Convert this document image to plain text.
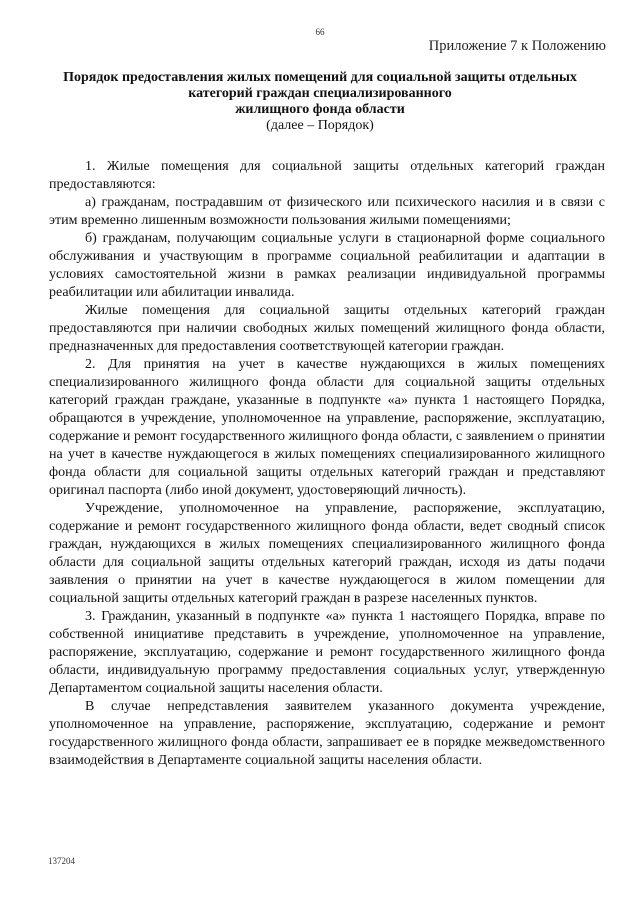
66
Приложение 7 к Положению
Порядок предоставления жилых помещений для социальной защиты отдельных
категорий граждан специализированного
жилищного фонда области
(далее – Порядок)

1. Жилые помещения для социальной защиты отдельных категорий граждан предоставляются:

а) гражданам, пострадавшим от физического или психического насилия и в связи с этим временно лишенным возможности пользования жилыми помещениями;

б) гражданам, получающим социальные услуги в стационарной форме социального обслуживания и участвующим в программе социальной реабилитации и адаптации в условиях самостоятельной жизни в рамках реализации индивидуальной программы реабилитации или абилитации инвалида.

Жилые помещения для социальной защиты отдельных категорий граждан предоставляются при наличии свободных жилых помещений жилищного фонда области, предназначенных для предоставления соответствующей категории граждан.

2. Для принятия на учет в качестве нуждающихся в жилых помещениях специализированного жилищного фонда области для социальной защиты отдельных категорий граждан граждане, указанные в подпункте «а» пункта 1 настоящего Порядка, обращаются в учреждение, уполномоченное на управление, распоряжение, эксплуатацию, содержание и ремонт государственного жилищного фонда области, с заявлением о принятии на учет в качестве нуждающегося в жилых помещениях специализированного жилищного фонда области для социальной защиты отдельных категорий граждан и представляют оригинал паспорта (либо иной документ, удостоверяющий личность).

Учреждение, уполномоченное на управление, распоряжение, эксплуатацию, содержание и ремонт государственного жилищного фонда области, ведет сводный список граждан, нуждающихся в жилых помещениях специализированного жилищного фонда области для социальной защиты отдельных категорий граждан, исходя из даты подачи заявления о принятии на учет в качестве нуждающегося в жилом помещении для социальной защиты отдельных категорий граждан в разрезе населенных пунктов.

3. Гражданин, указанный в подпункте «а» пункта 1 настоящего Порядка, вправе по собственной инициативе представить в учреждение, уполномоченное на управление, распоряжение, эксплуатацию, содержание и ремонт государственного жилищного фонда области, индивидуальную программу предоставления социальных услуг, утвержденную Департаментом социальной защиты населения области.

В случае непредставления заявителем указанного документа учреждение, уполномоченное на управление, распоряжение, эксплуатацию, содержание и ремонт государственного жилищного фонда области, запрашивает ее в порядке межведомственного взаимодействия в Департаменте социальной защиты населения области.

137204
